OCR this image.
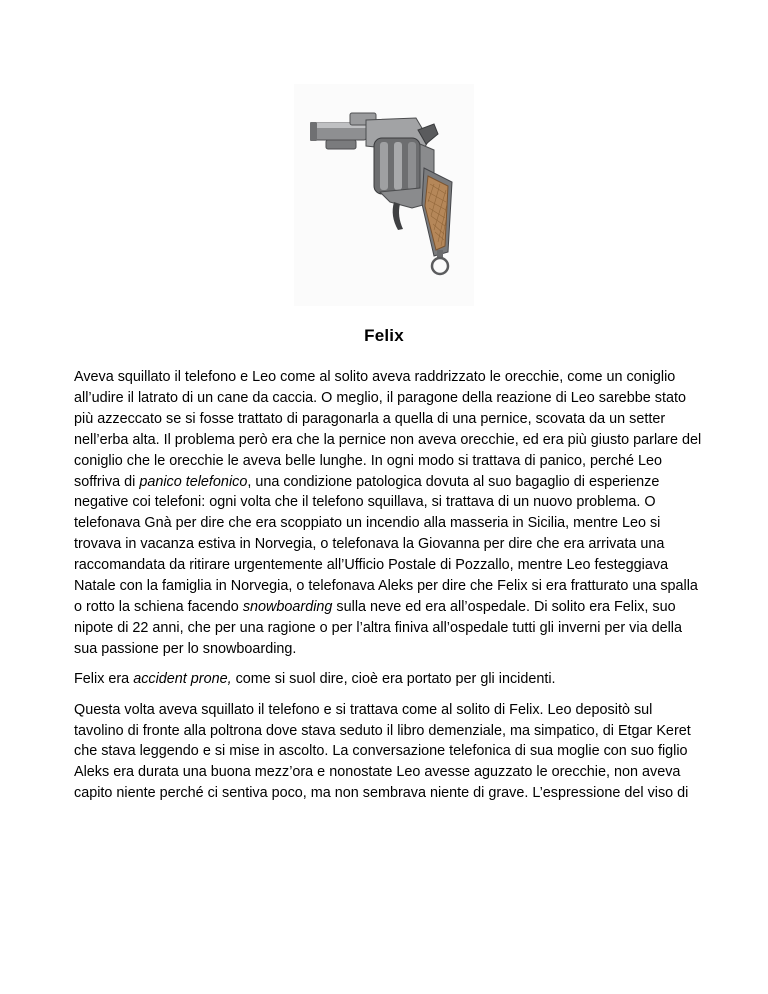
Felix

Aveva squillato il telefono e Leo come al solito aveva raddrizzato le orecchie, come un coniglio all’udire il latrato di un cane da caccia. O meglio, il paragone della reazione di Leo sarebbe stato più azzeccato se si fosse trattato di paragonarla a quella di una pernice, scovata da un setter nell’erba alta. Il problema però era che la pernice non aveva orecchie, ed era più giusto parlare del coniglio che le orecchie le aveva belle lunghe. In ogni modo si trattava di panico, perché Leo soffriva di panico telefonico, una condizione patologica dovuta al suo bagaglio di esperienze negative coi telefoni: ogni volta che il telefono squillava, si trattava di un nuovo problema. O telefonava Gnà per dire che era scoppiato un incendio alla masseria in Sicilia, mentre Leo si trovava in vacanza estiva in Norvegia, o telefonava la Giovanna per dire che era arrivata una raccomandata da ritirare urgentemente all’Ufficio Postale di Pozzallo, mentre Leo festeggiava Natale con la famiglia in Norvegia, o telefonava Aleks per dire che Felix si era fratturato una spalla o rotto la schiena facendo snowboarding sulla neve ed era all’ospedale. Di solito era Felix, suo nipote di 22 anni, che per una ragione o per l’altra finiva all’ospedale tutti gli inverni per via della sua passione per lo snowboarding.

Felix era accident prone, come si suol dire, cioè era portato per gli incidenti.

Questa volta aveva squillato il telefono e si trattava come al solito di Felix. Leo depositò sul tavolino di fronte alla poltrona dove stava seduto il libro demenziale, ma simpatico, di Etgar Keret che stava leggendo e si mise in ascolto. La conversazione telefonica di sua moglie con suo figlio Aleks era durata una buona mezz’ora e nonostate Leo avesse aguzzato le orecchie, non aveva capito niente perché ci sentiva poco, ma non sembrava niente di grave. L’espressione del viso di
